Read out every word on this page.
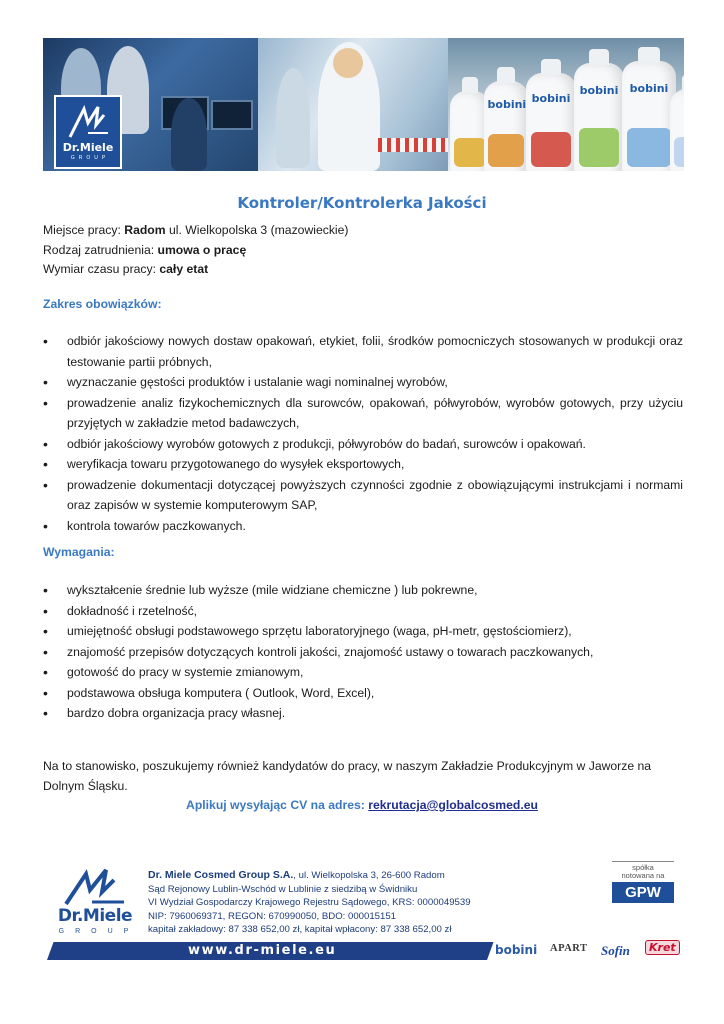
bobini
bobini
bobini	bobini
Dr.Miele
GROUP
Kontroler/Kontrolerka Jakości
Miejsce pracy: Radom ul. Wielkopolska 3 (mazowieckie)
Rodzaj zatrudnienia: umowa o pracę
Wymiar czasu pracy: cały etat
Zakres obowiązków:
• odbiór jakościowy nowych dostaw opakowań, etykiet, folii, środków pomocniczych stosowanych w produkcji oraz testowanie partii próbnych,
• wyznaczanie gęstości produktów i ustalanie wagi nominalnej wyrobów,
• prowadzenie analiz fizykochemicznych dla surowców, opakowań, półwyrobów, wyrobów gotowych, przy użyciu przyjętych w zakładzie metod badawczych,
• odbiór jakościowy wyrobów gotowych z produkcji, półwyrobów do badań, surowców i opakowań.
• weryfikacja towaru przygotowanego do wysyłek eksportowych,
• prowadzenie dokumentacji dotyczącej powyższych czynności zgodnie z obowiązującymi instrukcjami i normami oraz zapisów w systemie komputerowym SAP,
• kontrola towarów paczkowanych.
Wymagania:
• wykształcenie średnie lub wyższe (mile widziane chemiczne ) lub pokrewne,
• dokładność i rzetelność,
• umiejętność obsługi podstawowego sprzętu laboratoryjnego (waga, pH-metr, gęstościomierz),
• znajomość przepisów dotyczących kontroli jakości, znajomość ustawy o towarach paczkowanych,
• gotowość do pracy w systemie zmianowym,
• podstawowa obsługa komputera ( Outlook, Word, Excel),
• bardzo dobra organizacja pracy własnej.
Na to stanowisko, poszukujemy również kandydatów do pracy, w naszym Zakładzie Produkcyjnym w Jaworze na Dolnym Śląsku.
Aplikuj wysyłając CV na adres: rekrutacja@globalcosmed.eu
Dr.Miele
GROUP
Dr. Miele Cosmed Group S.A., ul. Wielkopolska 3, 26-600 Radom
Sąd Rejonowy Lublin-Wschód w Lublinie z siedzibą w Świdniku
VI Wydział Gospodarczy Krajowego Rejestru Sądowego, KRS: 0000049539
NIP: 7960069371, REGON: 670990050, BDO: 000015151
kapitał zakładowy: 87 338 652,00 zł, kapitał wpłacony: 87 338 652,00 zł
spółka
notowana na
GPW
www.dr-miele.eu	bobini APART Sofin	Kret
